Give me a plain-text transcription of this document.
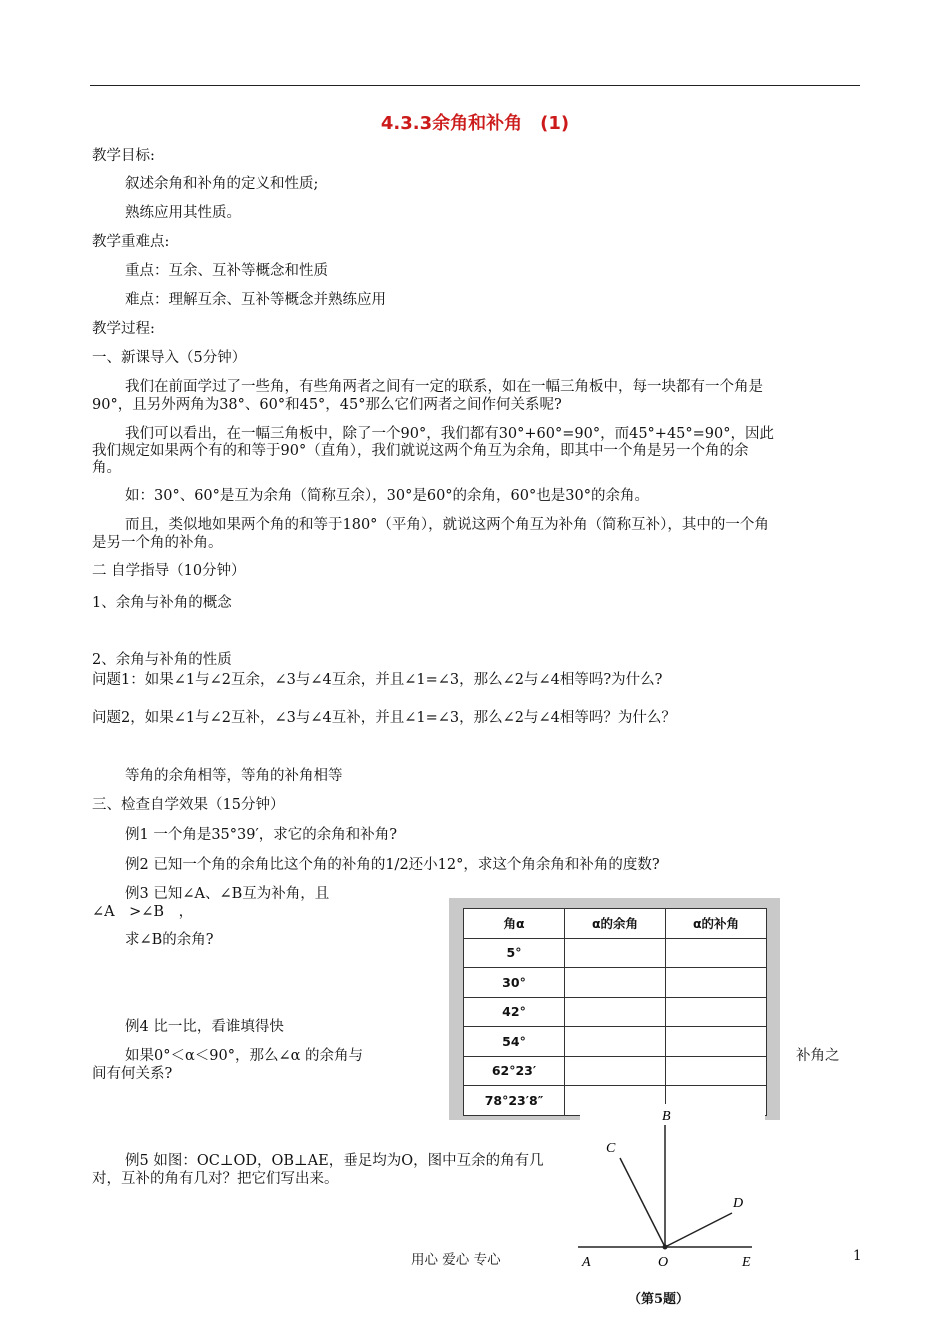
4.3.3余角和补角　(1)
教学目标:
叙述余角和补角的定义和性质;
熟练应用其性质。
教学重难点:
重点：互余、互补等概念和性质
难点：理解互余、互补等概念并熟练应用
教学过程:
一、新课导入（5分钟）
我们在前面学过了一些角，有些角两者之间有一定的联系，如在一幅三角板中，每一块都有一个角是
90°，且另外两角为38°、60°和45°，45°那么它们两者之间作何关系呢?
我们可以看出，在一幅三角板中，除了一个90°，我们都有30°+60°=90°，而45°+45°=90°，因此
我们规定如果两个有的和等于90°（直角），我们就说这两个角互为余角，即其中一个角是另一个角的余
角。
如：30°、60°是互为余角（简称互余），30°是60°的余角，60°也是30°的余角。
而且，类似地如果两个角的和等于180°（平角），就说这两个角互为补角（简称互补），其中的一个角
是另一个角的补角。
二 自学指导（10分钟）
1、余角与补角的概念
2、余角与补角的性质
问题1：如果∠1与∠2互余，∠3与∠4互余，并且∠1=∠3，那么∠2与∠4相等吗?为什么?
问题2，如果∠1与∠2互补，∠3与∠4互补，并且∠1=∠3，那么∠2与∠4相等吗？为什么？
等角的余角相等，等角的补角相等
三、检查自学效果（15分钟）
例1 一个角是35°39′，求它的余角和补角?
例2 已知一个角的余角比这个角的补角的1/2还小12°，求这个角余角和补角的度数?
例3 已知∠A、∠B互为补角，且
∠A　>∠B　，
求∠B的余角?
例4 比一比，看谁填得快
如果0°＜α＜90°，那么∠α 的余角与	补角之
间有何关系?
例5 如图：OC⊥OD，OB⊥AE，垂足均为O，图中互余的角有几
对，互补的角有几对？把它们写出来。
角α	α的余角	α的补角
5°		
30°		
42°		
54°		
62°23′		
78°23′8″		
A	O	E
B
C
D
（第5题）
用心 爱心 专心	1
